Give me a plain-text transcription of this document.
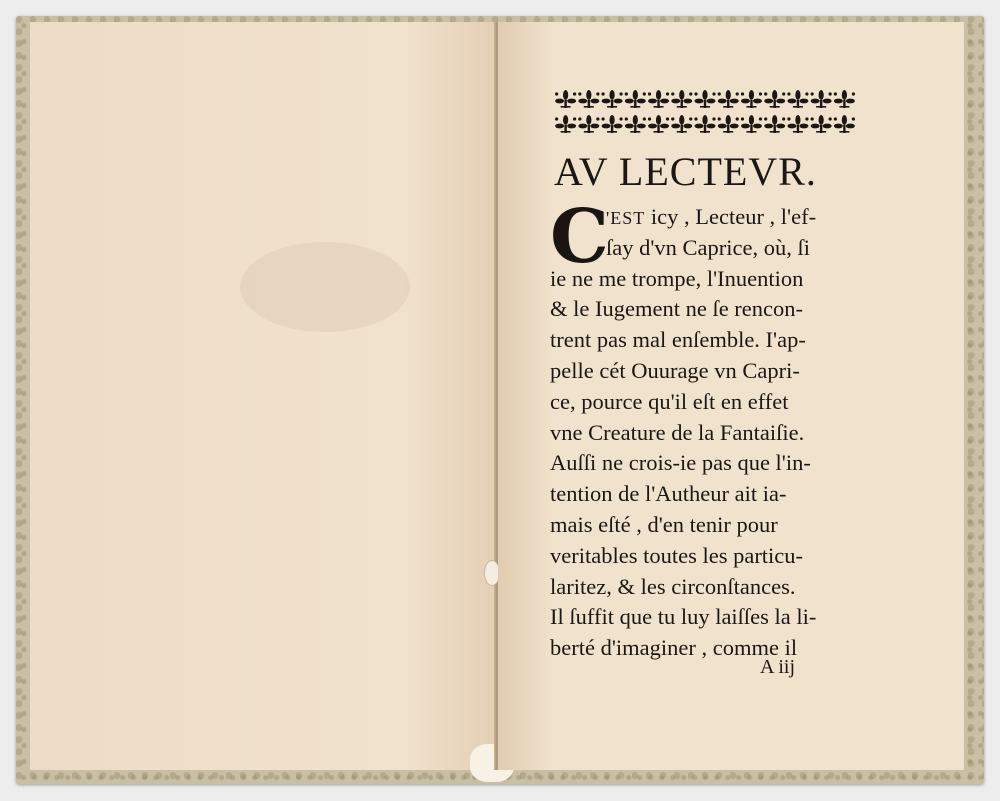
AV LECTEVR.
C
'EST icy , Lecteur , l'ef-
ſay d'vn Caprice, où, ſi
ie ne me trompe, l'Inuention
& le Iugement ne ſe rencon-
trent pas mal enſemble. I'ap-
pelle cét Ouurage vn Capri-
ce, pource qu'il eſt en effet
vne Creature de la Fantaiſie.
Auſſi ne crois-ie pas que l'in-
tention de l'Autheur ait ia-
mais eſté , d'en tenir pour
veritables toutes les particu-
laritez, & les circonſtances.
Il ſuffit que tu luy laiſſes la li-
berté d'imaginer , comme il
A iij
